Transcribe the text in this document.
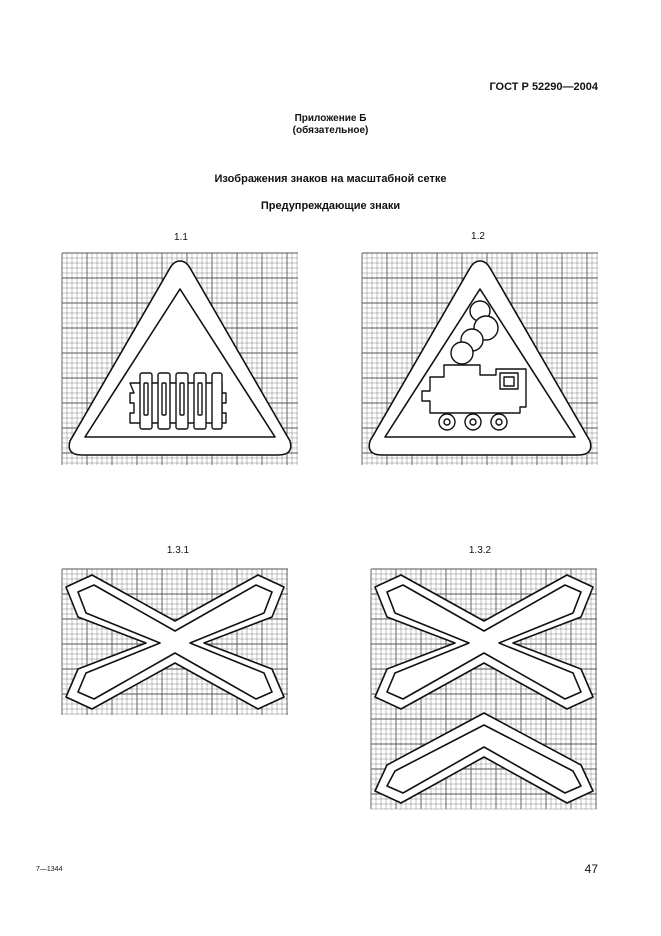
ГОСТ Р 52290—2004
Приложение Б
(обязательное)
Изображения знаков на масштабной сетке
Предупреждающие знаки
1.1	1.2
1.3.1	1.3.2
7—1344	47
